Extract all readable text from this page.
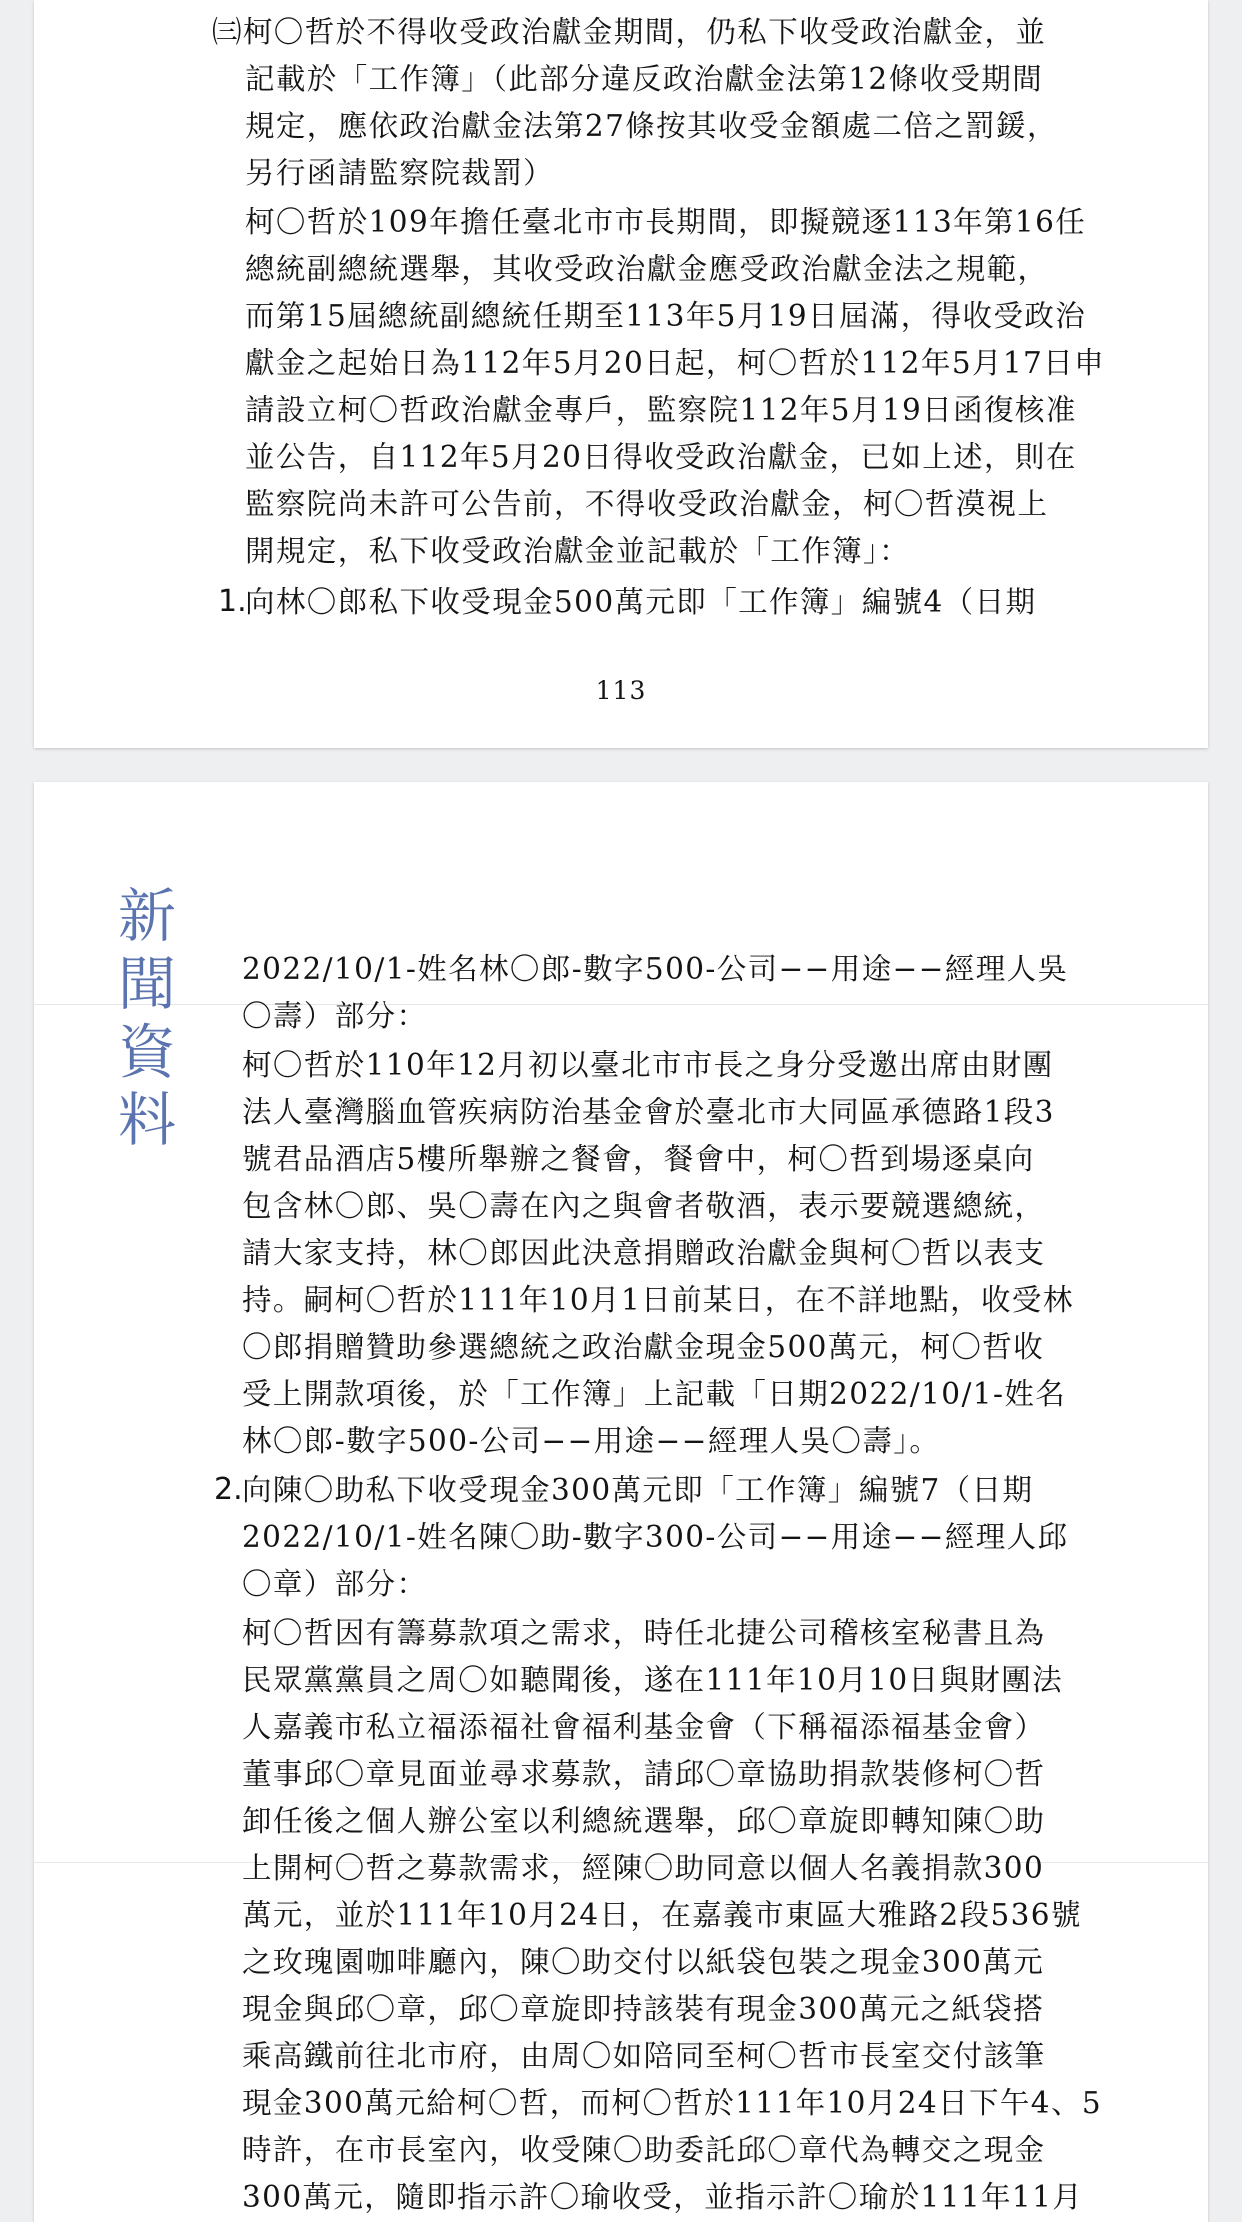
㈢柯〇哲於不得收受政治獻金期間，仍私下收受政治獻金，並

記載於「工作簿」（此部分違反政治獻金法第12條收受期間

規定，應依政治獻金法第27條按其收受金額處二倍之罰鍰，

另行函請監察院裁罰）

柯〇哲於109年擔任臺北市市長期間，即擬競逐113年第16任

總統副總統選舉，其收受政治獻金應受政治獻金法之規範，

而第15屆總統副總統任期至113年5月19日屆滿，得收受政治

獻金之起始日為112年5月20日起，柯〇哲於112年5月17日申

請設立柯〇哲政治獻金專戶，監察院112年5月19日函復核准

並公告，自112年5月20日得收受政治獻金，已如上述，則在

監察院尚未許可公告前，不得收受政治獻金，柯〇哲漠視上

開規定，私下收受政治獻金並記載於「工作簿」：

1.

向林〇郎私下收受現金500萬元即「工作簿」編號4（日期

113
新
聞
資
料

2022/10/1-姓名林〇郎-數字500-公司−−用途−−經理人吳

〇壽）部分：

柯〇哲於110年12月初以臺北市市長之身分受邀出席由財團

法人臺灣腦血管疾病防治基金會於臺北市大同區承德路1段3

號君品酒店5樓所舉辦之餐會，餐會中，柯〇哲到場逐桌向

包含林〇郎、吳〇壽在內之與會者敬酒，表示要競選總統，

請大家支持，林〇郎因此決意捐贈政治獻金與柯〇哲以表支

持。嗣柯〇哲於111年10月1日前某日，在不詳地點，收受林

〇郎捐贈贊助參選總統之政治獻金現金500萬元，柯〇哲收

受上開款項後，於「工作簿」上記載「日期2022/10/1-姓名

林〇郎-數字500-公司−−用途−−經理人吳〇壽」。

2. 向陳〇助私下收受現金300萬元即「工作簿」編號7（日期

2022/10/1-姓名陳〇助-數字300-公司−−用途−−經理人邱

〇章）部分：

柯〇哲因有籌募款項之需求，時任北捷公司稽核室秘書且為

民眾黨黨員之周〇如聽聞後，遂在111年10月10日與財團法

人嘉義市私立福添福社會福利基金會（下稱福添福基金會）

董事邱〇章見面並尋求募款，請邱〇章協助捐款裝修柯〇哲

卸任後之個人辦公室以利總統選舉，邱〇章旋即轉知陳〇助

上開柯〇哲之募款需求，經陳〇助同意以個人名義捐款300

萬元，並於111年10月24日，在嘉義市東區大雅路2段536號

之玫瑰園咖啡廳內，陳〇助交付以紙袋包裝之現金300萬元

現金與邱〇章，邱〇章旋即持該裝有現金300萬元之紙袋搭

乘高鐵前往北市府，由周〇如陪同至柯〇哲市長室交付該筆

現金300萬元給柯〇哲，而柯〇哲於111年10月24日下午4、5

時許，在市長室內，收受陳〇助委託邱〇章代為轉交之現金

300萬元，隨即指示許〇瑜收受，並指示許〇瑜於111年11月
